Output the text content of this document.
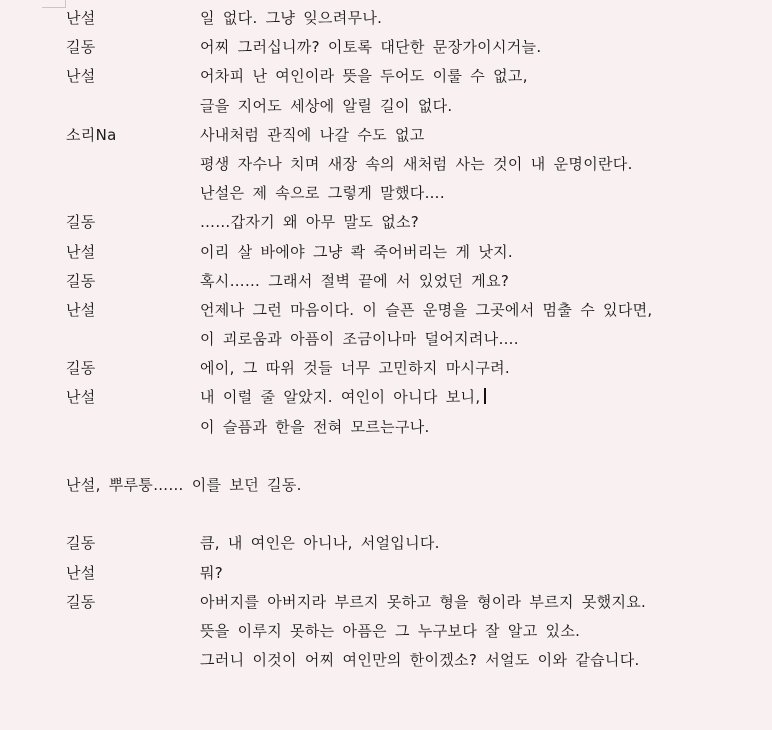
난설	일 없다. 그냥 잊으려무나.
길동	어찌 그러십니까? 이토록 대단한 문장가이시거늘.
난설	어차피 난 여인이라 뜻을 두어도 이룰 수 없고,
글을 지어도 세상에 알릴 길이 없다.
소리Na	사내처럼 관직에 나갈 수도 없고
평생 자수나 치며 새장 속의 새처럼 사는 것이 내 운명이란다.
난설은 제 속으로 그렇게 말했다….
길동	……갑자기 왜 아무 말도 없소?
난설	이리 살 바에야 그냥 콱 죽어버리는 게 낫지.
길동	혹시…… 그래서 절벽 끝에 서 있었던 게요?
난설	언제나 그런 마음이다. 이 슬픈 운명을 그곳에서 멈출 수 있다면,
이 괴로움과 아픔이 조금이나마 덜어지려나….
길동	에이, 그 따위 것들 너무 고민하지 마시구려.
난설	내 이럴 줄 알았지. 여인이 아니다 보니,
이 슬픔과 한을 전혀 모르는구나.
난설, 뿌루퉁…… 이를 보던 길동.
길동	큼, 내 여인은 아니나, 서얼입니다.
난설	뭐?
길동	아버지를 아버지라 부르지 못하고 형을 형이라 부르지 못했지요.
뜻을 이루지 못하는 아픔은 그 누구보다 잘 알고 있소.
그러니 이것이 어찌 여인만의 한이겠소? 서얼도 이와 같습니다.
